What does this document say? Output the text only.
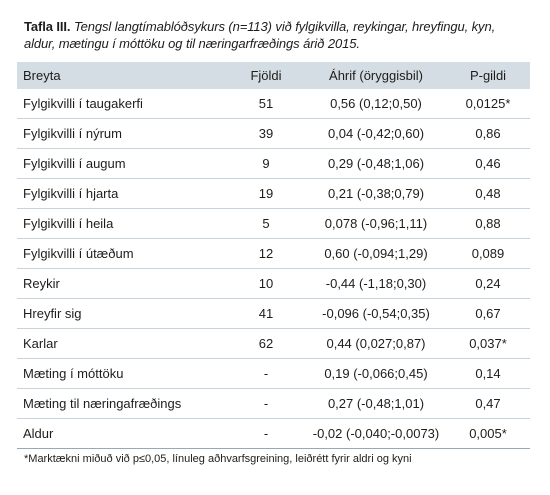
Tafla III. Tengsl langtímablóðsykurs (n=113) við fylgikvilla, reykingar, hreyfingu, kyn, aldur, mætingu í móttöku og til næringarfræðings árið 2015.
Breyta	Fjöldi	Áhrif (öryggisbil)	P-gildi
Fylgikvilli í taugakerfi	51	0,56 (0,12;0,50)	0,0125*
Fylgikvilli í nýrum	39	0,04 (-0,42;0,60)	0,86
Fylgikvilli í augum	9	0,29 (-0,48;1,06)	0,46
Fylgikvilli í hjarta	19	0,21 (-0,38;0,79)	0,48
Fylgikvilli í heila	5	0,078 (-0,96;1,11)	0,88
Fylgikvilli í útæðum	12	0,60 (-0,094;1,29)	0,089
Reykir	10	-0,44 (-1,18;0,30)	0,24
Hreyfir sig	41	-0,096 (-0,54;0,35)	0,67
Karlar	62	0,44 (0,027;0,87)	0,037*
Mæting í móttöku	-	0,19 (-0,066;0,45)	0,14
Mæting til næringafræðings	-	0,27 (-0,48;1,01)	0,47
Aldur	-	-0,02 (-0,040;-0,0073)	0,005*
*Marktækni miðuð við p≤0,05, línuleg aðhvarfsgreining, leiðrétt fyrir aldri og kyni
